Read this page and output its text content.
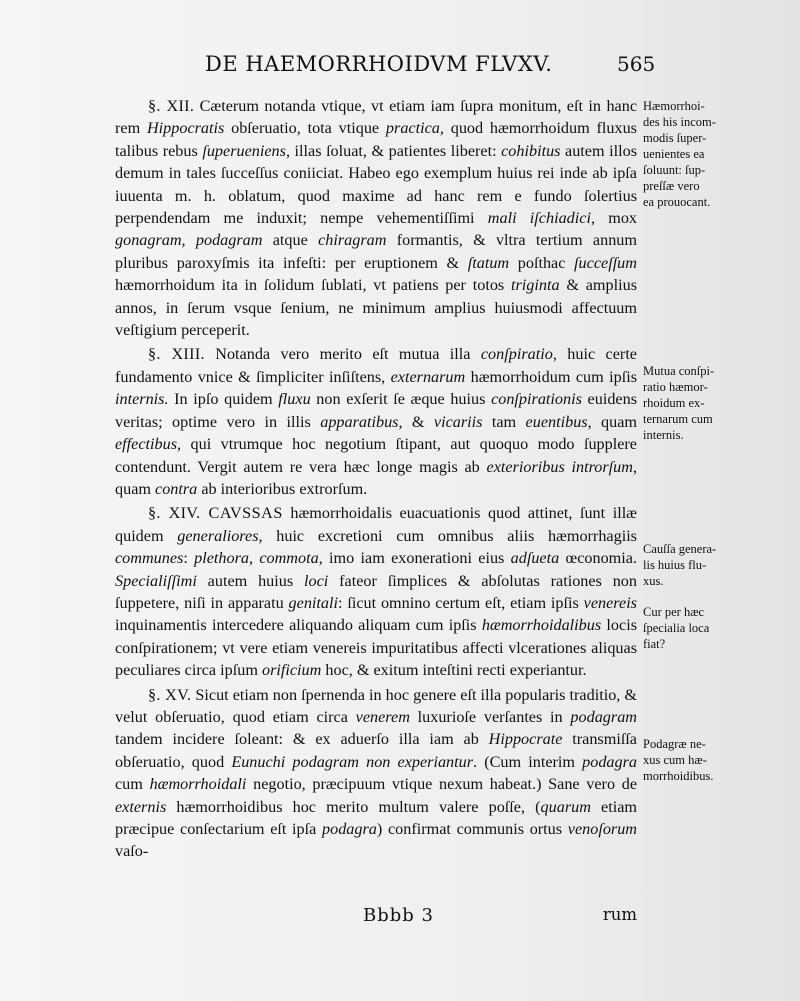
DE HAEMORRHOIDVM FLVXV.	565

§. XII. Cæterum notanda vtique, vt etiam iam ſupra monitum, eſt in hanc rem Hippocratis obſeruatio, tota vtique practica, quod hæmorrhoidum fluxus talibus rebus ſuperueniens, illas ſoluat, & patientes liberet: cohibitus autem illos demum in tales ſucceſſus coniiciat. Habeo ego exemplum huius rei inde ab ipſa iuuenta m. h. oblatum, quod maxime ad hanc rem e fundo ſolertius perpendendam me induxit; nempe vehementiſſimi mali iſchiadici, mox gonagram, podagram atque chiragram formantis, & vltra tertium annum pluribus paroxyſmis ita infeſti: per eruptionem & ſtatum poſthac ſucceſſum hæmorrhoidum ita in ſolidum ſublati, vt patiens per totos triginta & amplius annos, in ſerum vsque ſenium, ne minimum amplius huiusmodi affectuum veſtigium perceperit.

§. XIII. Notanda vero merito eſt mutua illa conſpiratio, huic certe fundamento vnice & ſimpliciter inſiſtens, externarum hæmorrhoidum cum ipſis internis. In ipſo quidem fluxu non exſerit ſe æque huius conſpirationis euidens veritas; optime vero in illis apparatibus, & vicariis tam euentibus, quam effectibus, qui vtrumque hoc negotium ſtipant, aut quoquo modo ſupplere contendunt. Vergit autem re vera hæc longe magis ab exterioribus introrſum, quam contra ab interioribus extrorſum.

§. XIV. CAVSSAS hæmorrhoidalis euacuationis quod attinet, ſunt illæ quidem generaliores, huic excretioni cum omnibus aliis hæmorrhagiis communes: plethora, commota, imo iam exonerationi eius adſueta œconomia. Specialiſſimi autem huius loci fateor ſimplices & abſolutas rationes non ſuppetere, niſi in apparatu genitali: ſicut omnino certum eſt, etiam ipſis venereis inquinamentis intercedere aliquando aliquam cum ipſis hæmorrhoidalibus locis conſpirationem; vt vere etiam venereis impuritatibus affecti vlcerationes aliquas peculiares circa ipſum orificium hoc, & exitum inteſtini recti experiantur.

§. XV. Sicut etiam non ſpernenda in hoc genere eſt illa popularis traditio, & velut obſeruatio, quod etiam circa venerem luxurioſe verſantes in podagram tandem incidere ſoleant: & ex aduerſo illa iam ab Hippocrate transmiſſa obſeruatio, quod Eunuchi podagram non experiantur. (Cum interim podagra cum hæmorrhoidali negotio, præcipuum vtique nexum habeat.) Sane vero de externis hæmorrhoidibus hoc merito multum valere poſſe, (quarum etiam præcipue conſectarium eſt ipſa podagra) confirmat communis ortus venoſorum vaſo-

Hæmorrhoi-
des his incom-
modis ſuper-
uenientes ea
ſoluunt: ſup-
preſſæ vero
ea prouocant.
Mutua conſpi-
ratio hæmor-
rhoidum ex-
ternarum cum
internis.
Cauſſa genera-
lis huius flu-
xus.
Cur per hæc
ſpecialia loca
fiat?
Podagræ ne-
xus cum hæ-
morrhoidibus.
Bbbb 3	rum
